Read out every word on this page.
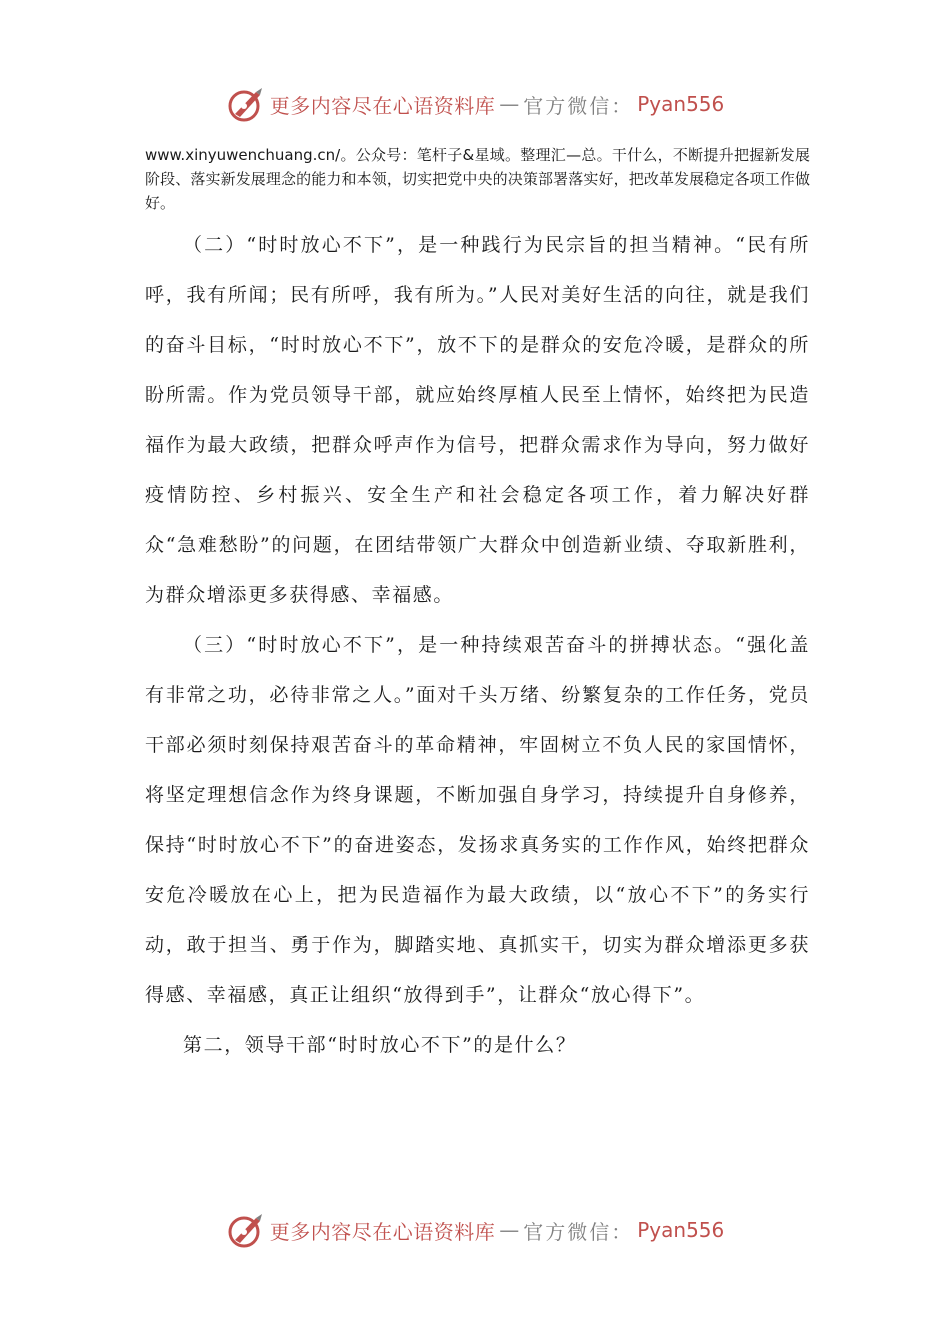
更多内容尽在心语资料库 — 官方微信： Pyan556

www.xinyuwenchuang.cn/。公众号：笔杆子&星域。整理汇—总。干什么，不断提升把握新发展阶段、落实新发展理念的能力和本领，切实把党中央的决策部署落实好，把改革发展稳定各项工作做好。

（二）“时时放心不下”，是一种践行为民宗旨的担当精神。“民有所呼，我有所闻；民有所呼，我有所为。”人民对美好生活的向往，就是我们的奋斗目标，“时时放心不下”，放不下的是群众的安危冷暖，是群众的所盼所需。作为党员领导干部，就应始终厚植人民至上情怀，始终把为民造福作为最大政绩，把群众呼声作为信号，把群众需求作为导向，努力做好疫情防控、乡村振兴、安全生产和社会稳定各项工作，着力解决好群众“急难愁盼”的问题，在团结带领广大群众中创造新业绩、夺取新胜利，为群众增添更多获得感、幸福感。

（三）“时时放心不下”，是一种持续艰苦奋斗的拼搏状态。“强化盖有非常之功，必待非常之人。”面对千头万绪、纷繁复杂的工作任务，党员干部必须时刻保持艰苦奋斗的革命精神，牢固树立不负人民的家国情怀，将坚定理想信念作为终身课题，不断加强自身学习，持续提升自身修养，保持“时时放心不下”的奋进姿态，发扬求真务实的工作作风，始终把群众安危冷暖放在心上，把为民造福作为最大政绩，以“放心不下”的务实行动，敢于担当、勇于作为，脚踏实地、真抓实干，切实为群众增添更多获得感、幸福感，真正让组织“放得到手”，让群众“放心得下”。

第二，领导干部“时时放心不下”的是什么？

更多内容尽在心语资料库 — 官方微信： Pyan556
